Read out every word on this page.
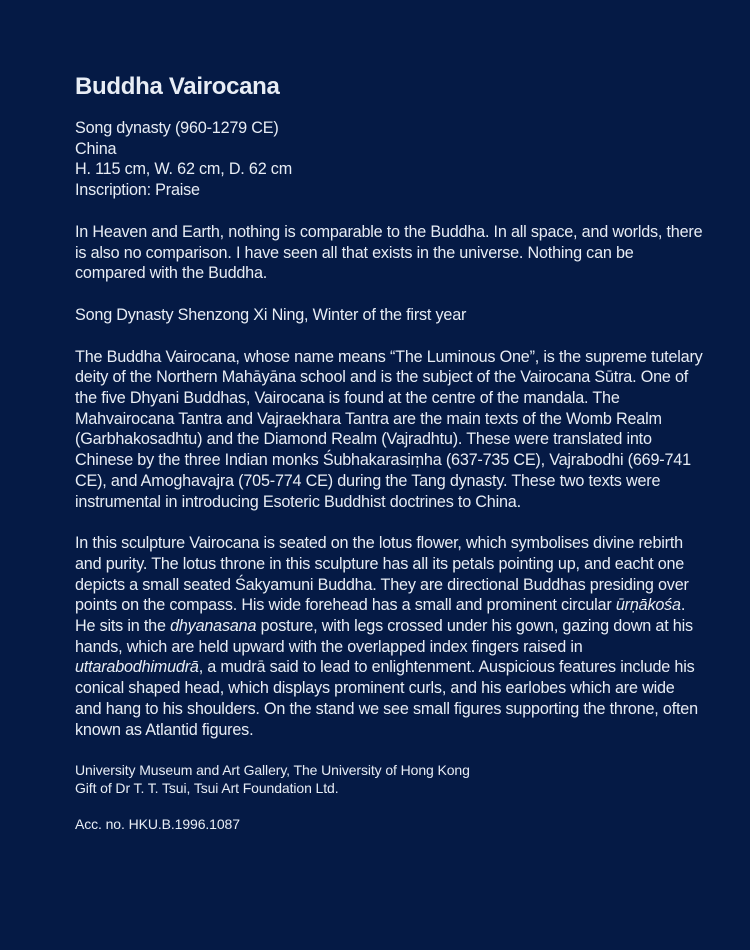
Buddha Vairocana
Song dynasty (960-1279 CE)
China
H. 115 cm, W. 62 cm, D. 62 cm
Inscription: Praise

In Heaven and Earth, nothing is comparable to the Buddha. In all space, and worlds, there is also no comparison. I have seen all that exists in the universe. Nothing can be compared with the Buddha.

Song Dynasty Shenzong Xi Ning, Winter of the first year

The Buddha Vairocana, whose name means “The Luminous One”, is the supreme tutelary deity of the Northern Mahāyāna school and is the subject of the Vairocana Sūtra. One of the five Dhyani Buddhas, Vairocana is found at the centre of the mandala. The Mahvairocana Tantra and Vajraekhara Tantra are the main texts of the Womb Realm (Garbhakosadhtu) and the Diamond Realm (Vajradhtu). These were translated into Chinese by the three Indian monks Śubhakarasiṃha (637-735 CE), Vajrabodhi (669-741 CE), and Amoghavajra (705-774 CE) during the Tang dynasty. These two texts were instrumental in introducing Esoteric Buddhist doctrines to China.

In this sculpture Vairocana is seated on the lotus flower, which symbolises divine rebirth and purity. The lotus throne in this sculpture has all its petals pointing up, and eacht one depicts a small seated Śakyamuni Buddha. They are directional Buddhas presiding over points on the compass. His wide forehead has a small and prominent circular ūrṇākośa. He sits in the dhyanasana posture, with legs crossed under his gown, gazing down at his hands, which are held upward with the overlapped index fingers raised in uttarabodhimudrā, a mudrā said to lead to enlightenment. Auspicious features include his conical shaped head, which displays prominent curls, and his earlobes which are wide and hang to his shoulders. On the stand we see small figures supporting the throne, often known as Atlantid figures.

University Museum and Art Gallery, The University of Hong Kong
Gift of Dr T. T. Tsui, Tsui Art Foundation Ltd.
Acc. no. HKU.B.1996.1087
